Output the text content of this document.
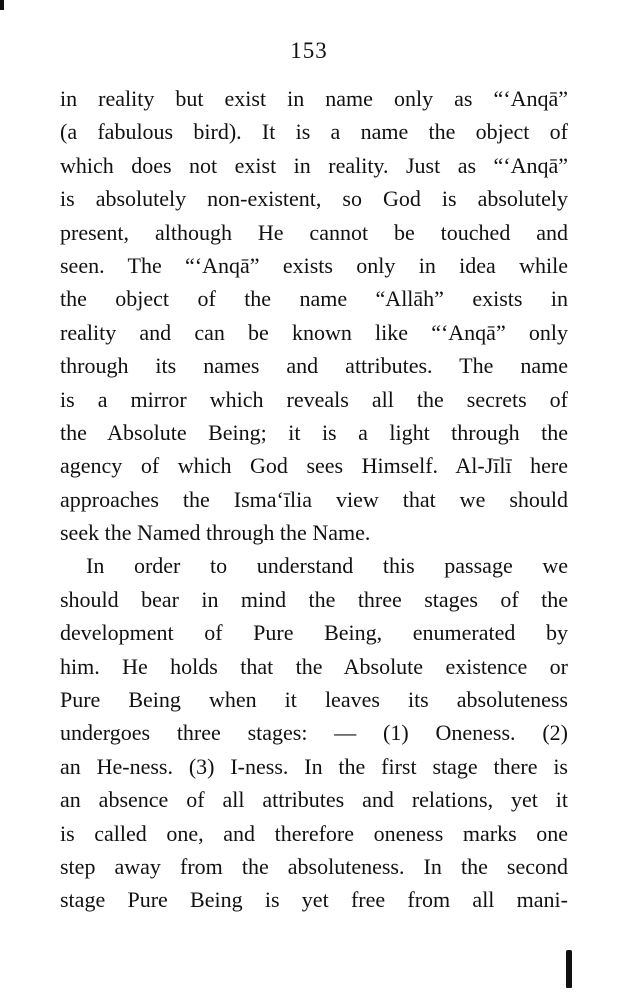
153
in reality but exist in name only as “‘Anqā”
(a fabulous bird). It is a name the object of
which does not exist in reality. Just as “‘Anqā”
is absolutely non-existent, so God is absolutely
present, although He cannot be touched and
seen. The “‘Anqā” exists only in idea while
the object of the name “Allāh” exists in
reality and can be known like “‘Anqā” only
through its names and attributes. The name
is a mirror which reveals all the secrets of
the Absolute Being; it is a light through the
agency of which God sees Himself. Al-Jīlī here
approaches the Isma‘īlia view that we should
seek the Named through the Name.
In order to understand this passage we
should bear in mind the three stages of the
development of Pure Being, enumerated by
him. He holds that the Absolute existence or
Pure Being when it leaves its absoluteness
undergoes three stages: — (1) Oneness. (2)
an He-ness. (3) I-ness. In the first stage there is
an absence of all attributes and relations, yet it
is called one, and therefore oneness marks one
step away from the absoluteness. In the second
stage Pure Being is yet free from all mani-
